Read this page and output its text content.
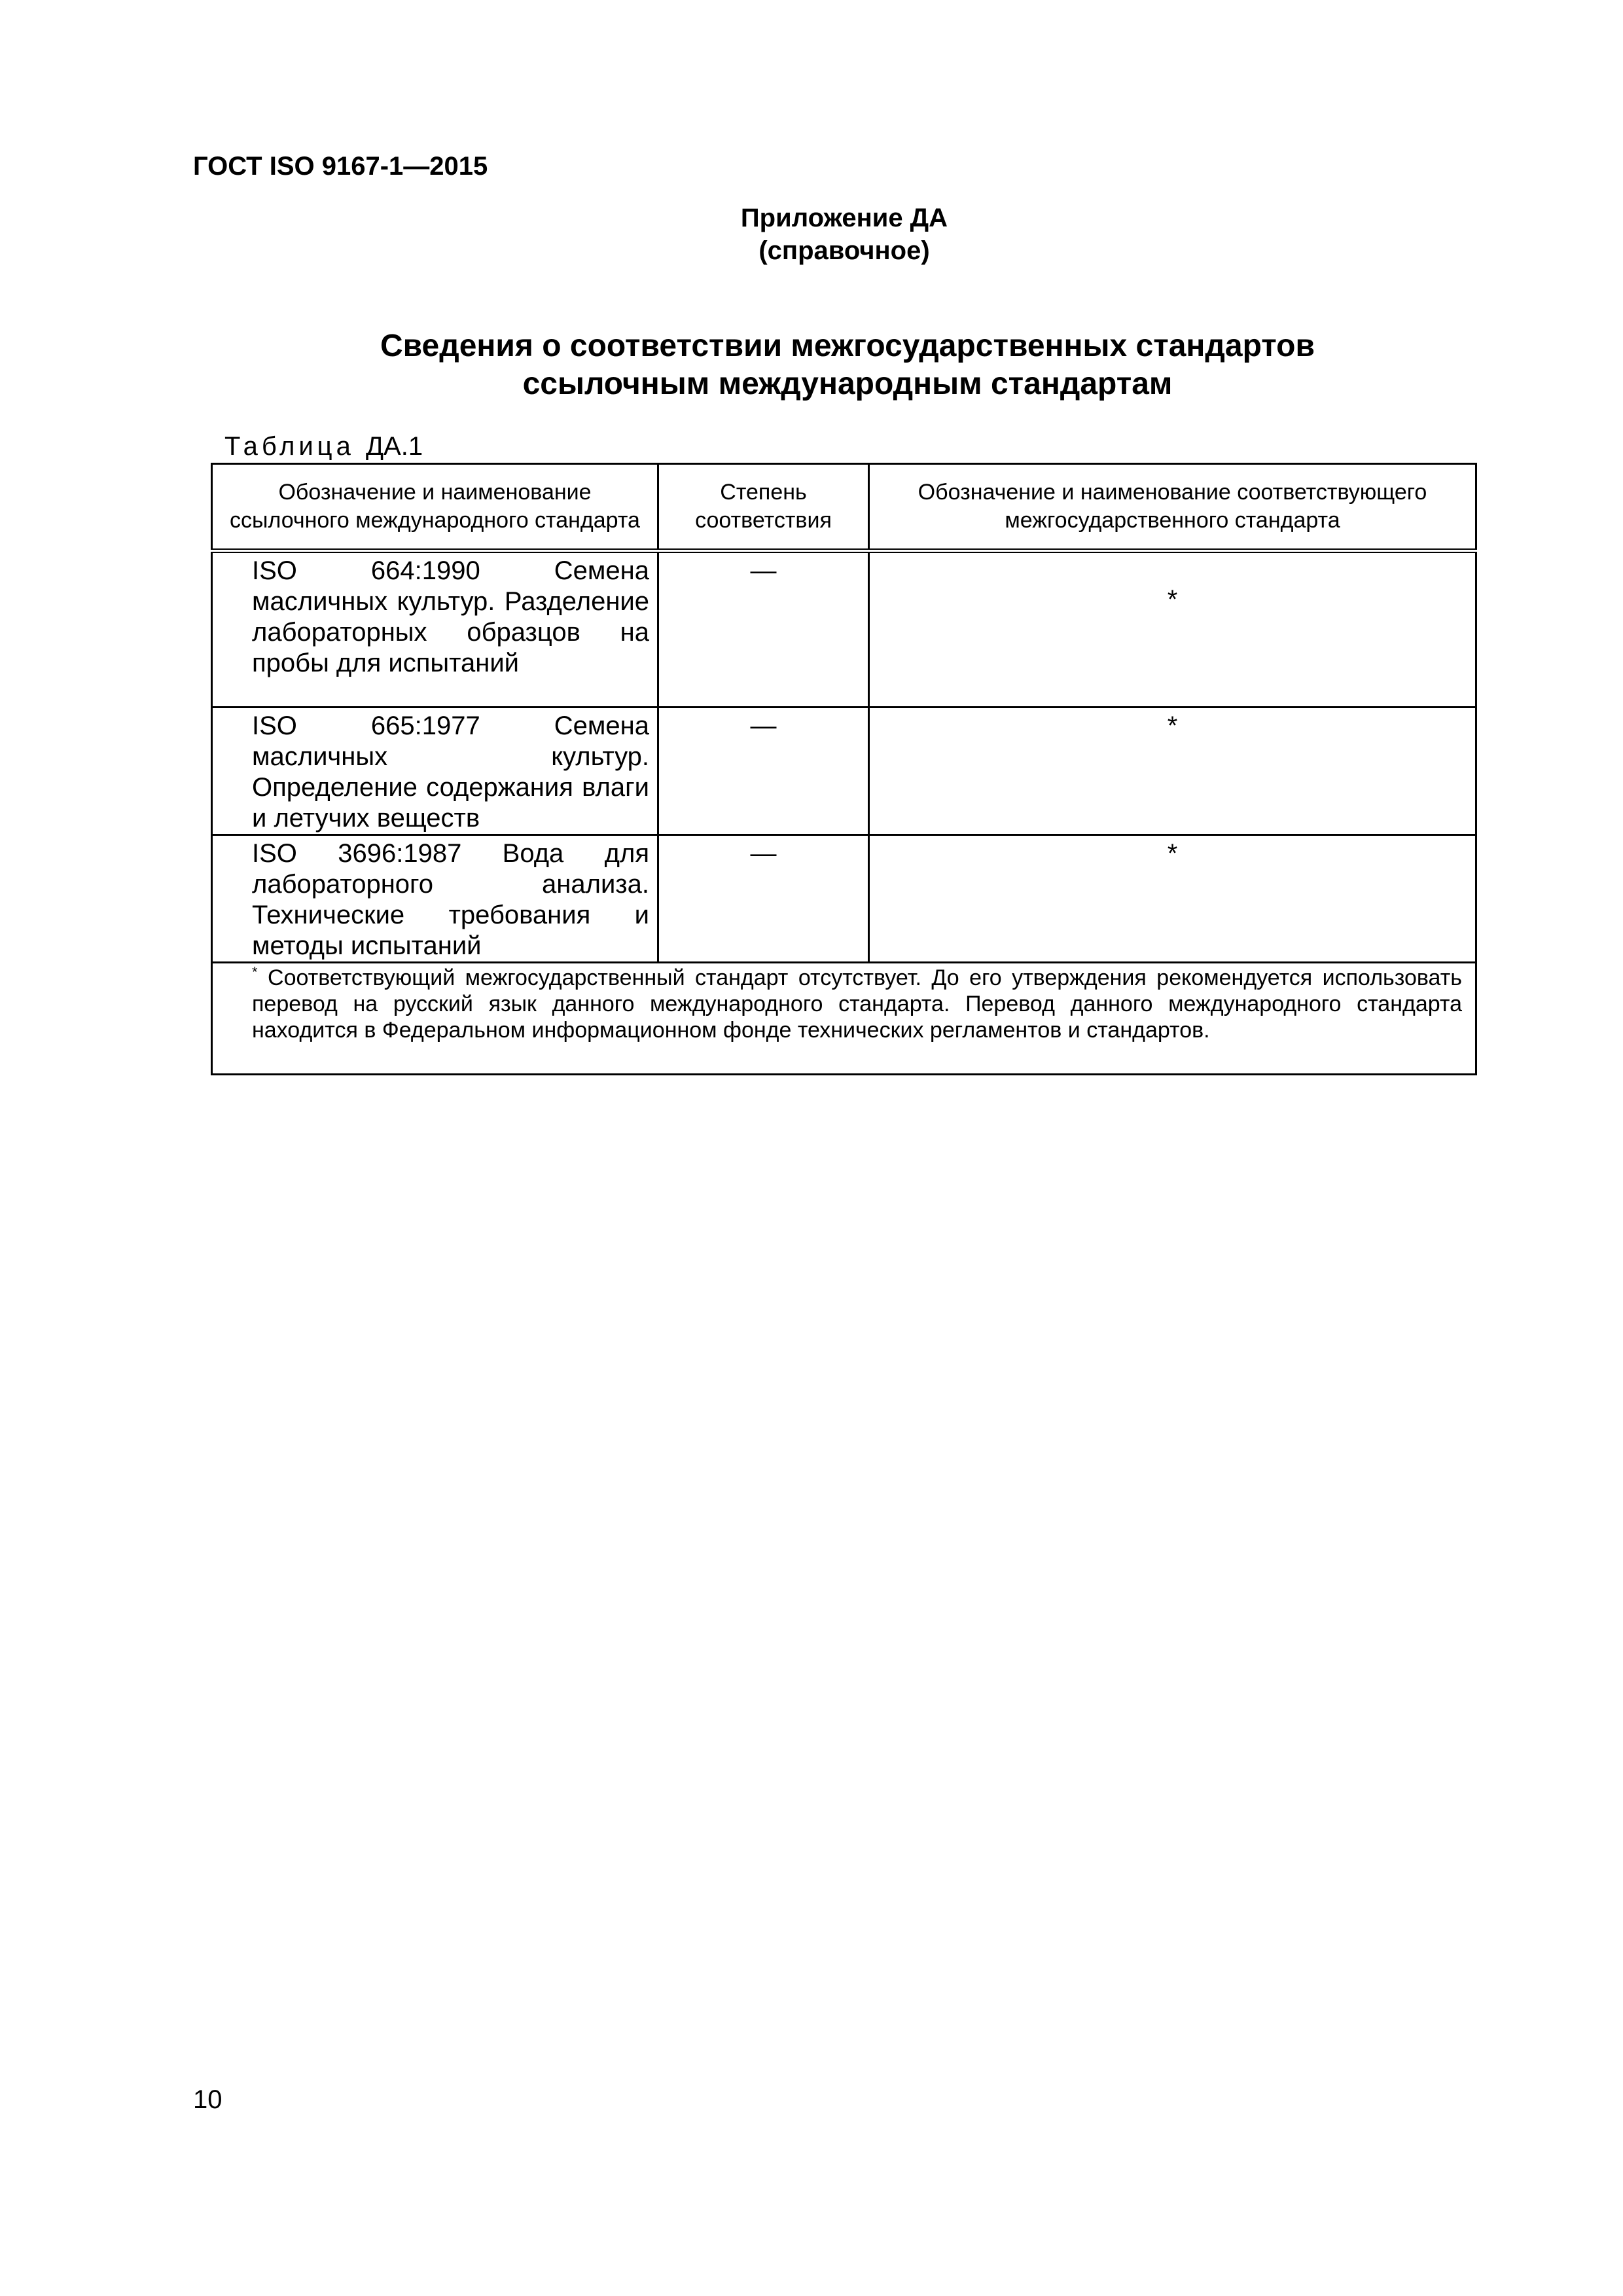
ГОСТ ISO 9167-1—2015
Приложение ДА
(справочное)
Сведения о соответствии межгосударственных стандартов
ссылочным международным стандартам
Таблица ДА.1
Обозначение и наименование ссылочного международного стандарта	Степень соответствия	Обозначение и наименование соответствующего межгосударственного стандарта
ISO 664:1990 Семена масличных культур. Разделение лабораторных образцов на пробы для испытаний	—	*
ISO 665:1977 Семена масличных культур. Определение содержания влаги и летучих веществ	—	*
ISO 3696:1987 Вода для лабораторного анализа. Технические требования и методы испытаний	—	*
* Соответствующий межгосударственный стандарт отсутствует. До его утверждения рекомендуется использовать перевод на русский язык данного международного стандарта. Перевод данного международного стандарта находится в Федеральном информационном фонде технических регламентов и стандартов.		
10
